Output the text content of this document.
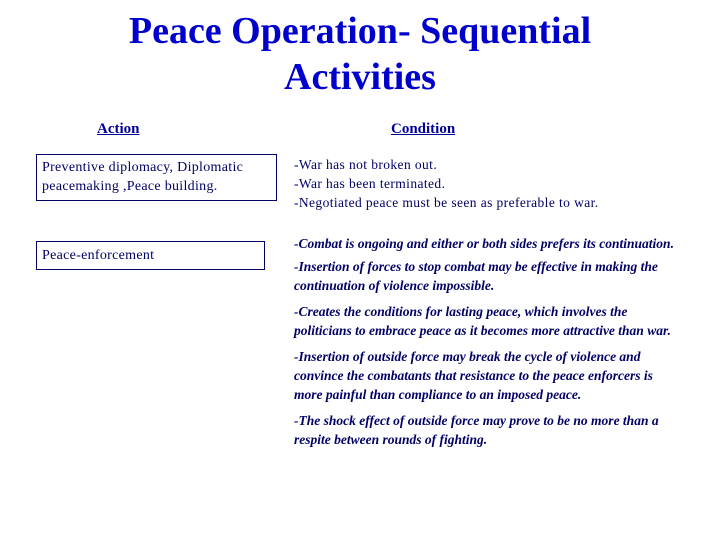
Peace Operation- Sequential
Activities
Action	Condition
Preventive diplomacy, Diplomatic peacemaking ,Peace building.
Peace-enforcement
-War has not broken out.
-War has been terminated.
-Negotiated peace must be seen as preferable to war.

-Combat is ongoing and either or both sides prefers its continuation.

-Insertion of forces to stop combat may be effective in making the continuation of violence impossible.

-Creates the conditions for lasting peace, which involves the politicians to embrace peace as it becomes more attractive than war.

-Insertion of outside force may break the cycle of violence and convince the combatants that resistance to the peace enforcers is more painful than compliance to an imposed peace.

-The shock effect of outside force may prove to be no more than a respite between rounds of fighting.
